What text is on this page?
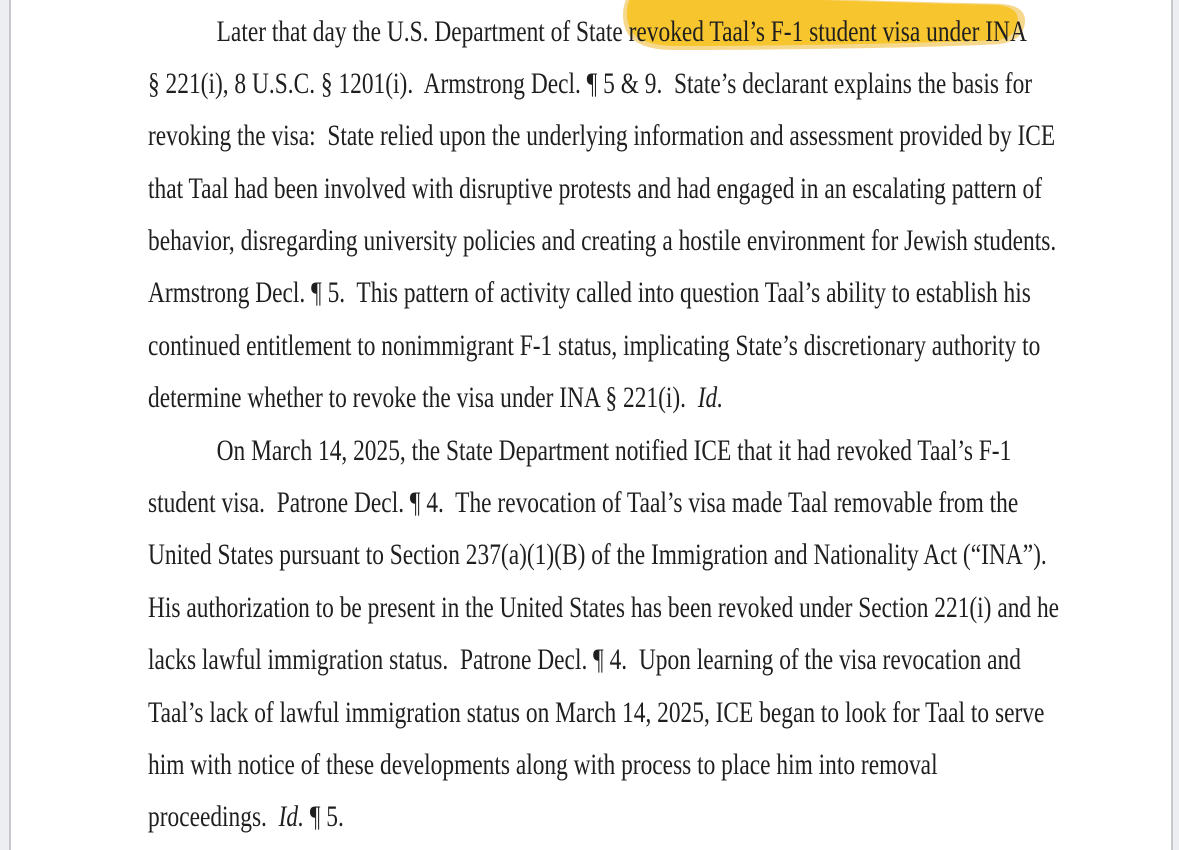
Later that day the U.S. Department of State
revoked Taal’s F-1 student visa under INA
§ 221(i), 8 U.S.C. § 1201(i).  Armstrong Decl. ¶ 5 & 9.  State’s declarant explains the basis for
revoking the visa:  State relied upon the underlying information and assessment provided by ICE
that Taal had been involved with disruptive protests and had engaged in an escalating pattern of
behavior, disregarding university policies and creating a hostile environment for Jewish students.
Armstrong Decl. ¶ 5.  This pattern of activity called into question Taal’s ability to establish his
continued entitlement to nonimmigrant F-1 status, implicating State’s discretionary authority to
determine whether to revoke the visa under INA § 221(i).  Id.
On March 14, 2025, the State Department notified ICE that it had revoked Taal’s F-1
student visa.  Patrone Decl. ¶ 4.  The revocation of Taal’s visa made Taal removable from the
United States pursuant to Section 237(a)(1)(B) of the Immigration and Nationality Act (“INA”).
His authorization to be present in the United States has been revoked under Section 221(i) and he
lacks lawful immigration status.  Patrone Decl. ¶ 4.  Upon learning of the visa revocation and
Taal’s lack of lawful immigration status on March 14, 2025, ICE began to look for Taal to serve
him with notice of these developments along with process to place him into removal
proceedings.  Id. ¶ 5.
